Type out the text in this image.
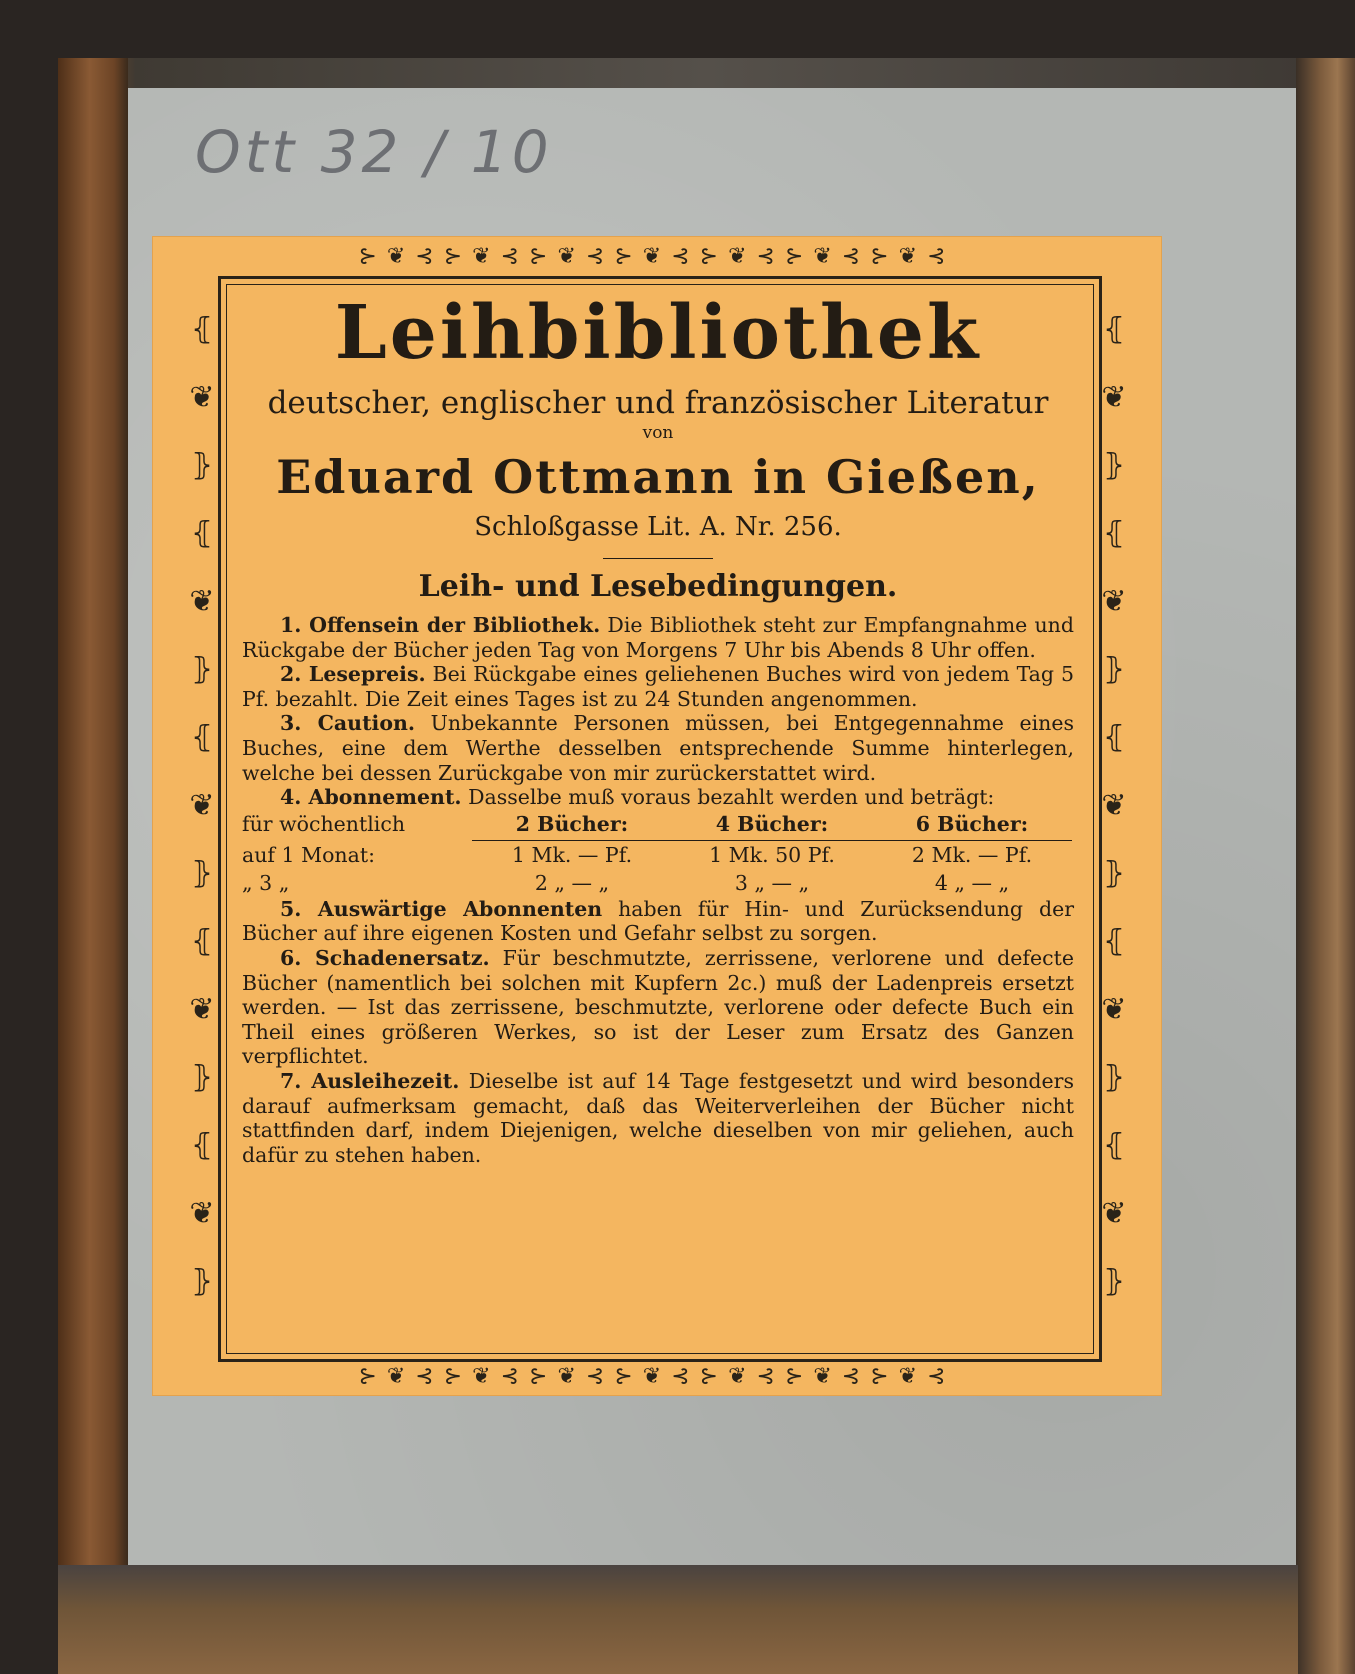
Ott 32 / 10
⊱❦⊰⊱❦⊰⊱❦⊰⊱❦⊰⊱❦⊰⊱❦⊰⊱❦⊰
⦃
❦
⦄
⦃
❦
⦄
⦃
❦
⦄
⦃
❦
⦄
⦃
❦
⦄
⦃
❦
⦄
⦃
❦
⦄
⦃
❦
⦄
⦃
❦
⦄
⦃
❦
⦄
⊱❦⊰⊱❦⊰⊱❦⊰⊱❦⊰⊱❦⊰⊱❦⊰⊱❦⊰
Leihbibliothek
deutscher, englischer und französischer Literatur
von
Eduard Ottmann in Gießen,
Schloßgasse Lit. A. Nr. 256.
Leih- und Lesebedingungen.

1. Offensein der Bibliothek. Die Bibliothek steht zur Empfangnahme und Rückgabe der Bücher jeden Tag von Morgens 7 Uhr bis Abends 8 Uhr offen.

2. Lesepreis. Bei Rückgabe eines geliehenen Buches wird von jedem Tag 5 Pf. bezahlt. Die Zeit eines Tages ist zu 24 Stunden angenommen.

3. Caution. Unbekannte Personen müssen, bei Entgegennahme eines Buches, eine dem Werthe desselben entsprechende Summe hinterlegen, welche bei dessen Zurückgabe von mir zurückerstattet wird.

4. Abonnement. Dasselbe muß voraus bezahlt werden und beträgt:

für wöchentlich	2 Bücher:	4 Bücher:	6 Bücher:
auf 1 Monat:	1 Mk. — Pf.	1 Mk. 50 Pf.	2 Mk. — Pf.
„ 3 „	2 „ — „	3 „ — „	4 „ — „

5. Auswärtige Abonnenten haben für Hin- und Zurücksendung der Bücher auf ihre eigenen Kosten und Gefahr selbst zu sorgen.

6. Schadenersatz. Für beschmutzte, zerrissene, verlorene und defecte Bücher (namentlich bei solchen mit Kupfern 2c.) muß der Ladenpreis ersetzt werden. — Ist das zerrissene, beschmutzte, verlorene oder defecte Buch ein Theil eines größeren Werkes, so ist der Leser zum Ersatz des Ganzen verpflichtet.

7. Ausleihezeit. Dieselbe ist auf 14 Tage festgesetzt und wird besonders darauf aufmerksam gemacht, daß das Weiterverleihen der Bücher nicht stattfinden darf, indem Diejenigen, welche dieselben von mir geliehen, auch dafür zu stehen haben.
